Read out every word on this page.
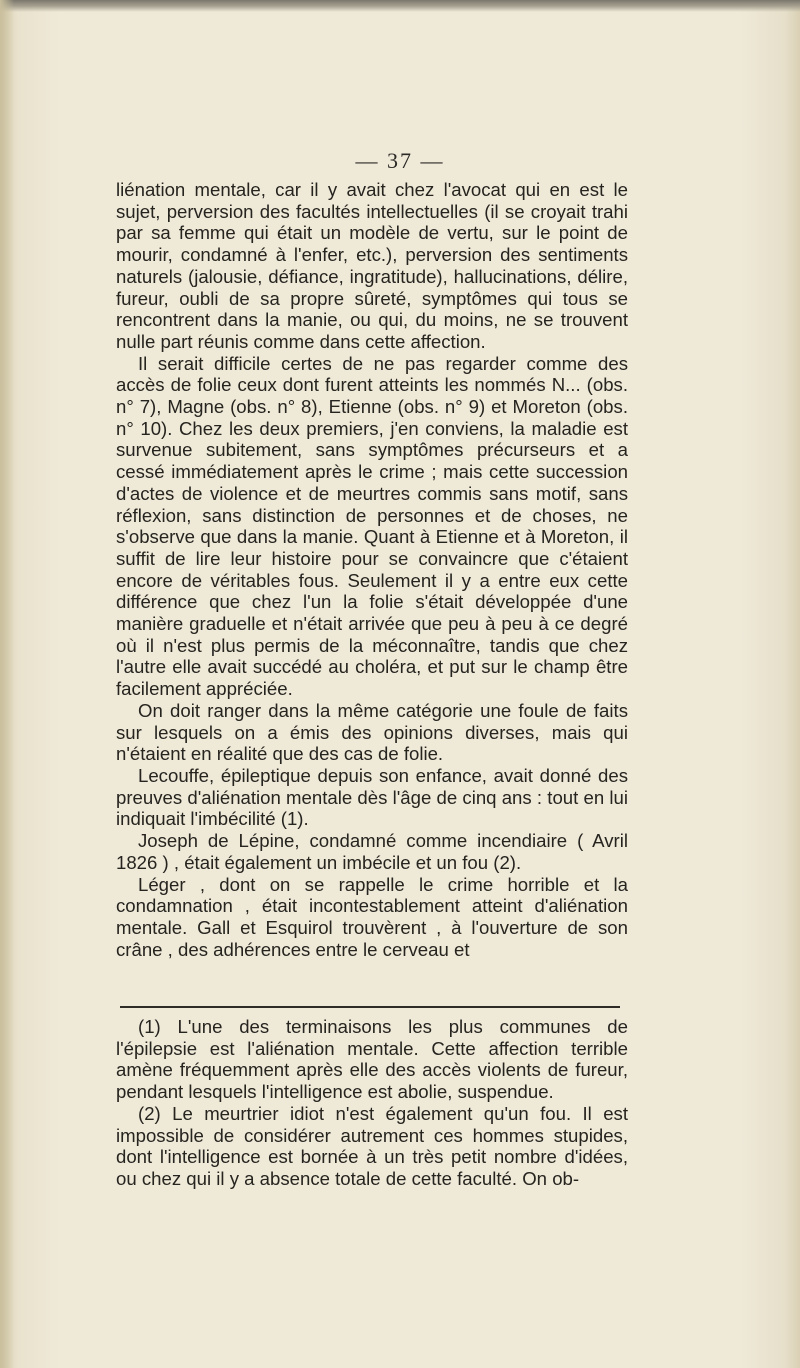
— 37 —

liénation mentale, car il y avait chez l'avocat qui en est le sujet, perversion des facultés intellectuelles (il se croyait trahi par sa femme qui était un modèle de vertu, sur le point de mourir, condamné à l'enfer, etc.), perversion des sentiments naturels (jalousie, défiance, ingratitude), hallucinations, délire, fureur, oubli de sa propre sûreté, symptômes qui tous se rencontrent dans la manie, ou qui, du moins, ne se trouvent nulle part réunis comme dans cette affection.

Il serait difficile certes de ne pas regarder comme des accès de folie ceux dont furent atteints les nommés N... (obs. n° 7), Magne (obs. n° 8), Etienne (obs. n° 9) et Moreton (obs. n° 10). Chez les deux premiers, j'en conviens, la maladie est survenue subitement, sans symptômes précurseurs et a cessé immédiatement après le crime ; mais cette succession d'actes de violence et de meurtres commis sans motif, sans réflexion, sans distinction de personnes et de choses, ne s'observe que dans la manie. Quant à Etienne et à Moreton, il suffit de lire leur histoire pour se convaincre que c'étaient encore de véritables fous. Seulement il y a entre eux cette différence que chez l'un la folie s'était développée d'une manière graduelle et n'était arrivée que peu à peu à ce degré où il n'est plus permis de la méconnaître, tandis que chez l'autre elle avait succédé au choléra, et put sur le champ être facilement appréciée.

On doit ranger dans la même catégorie une foule de faits sur lesquels on a émis des opinions diverses, mais qui n'étaient en réalité que des cas de folie.

Lecouffe, épileptique depuis son enfance, avait donné des preuves d'aliénation mentale dès l'âge de cinq ans : tout en lui indiquait l'imbécilité (1).

Joseph de Lépine, condamné comme incendiaire ( Avril 1826 ) , était également un imbécile et un fou (2).

Léger , dont on se rappelle le crime horrible et la condamnation , était incontestablement atteint d'aliénation mentale. Gall et Esquirol trouvèrent , à l'ouverture de son crâne , des adhérences entre le cerveau et

(1) L'une des terminaisons les plus communes de l'épilepsie est l'aliénation mentale. Cette affection terrible amène fréquemment après elle des accès violents de fureur, pendant lesquels l'intelligence est abolie, suspendue.

(2) Le meurtrier idiot n'est également qu'un fou. Il est impossible de considérer autrement ces hommes stupides, dont l'intelligence est bornée à un très petit nombre d'idées, ou chez qui il y a absence totale de cette faculté. On ob-
